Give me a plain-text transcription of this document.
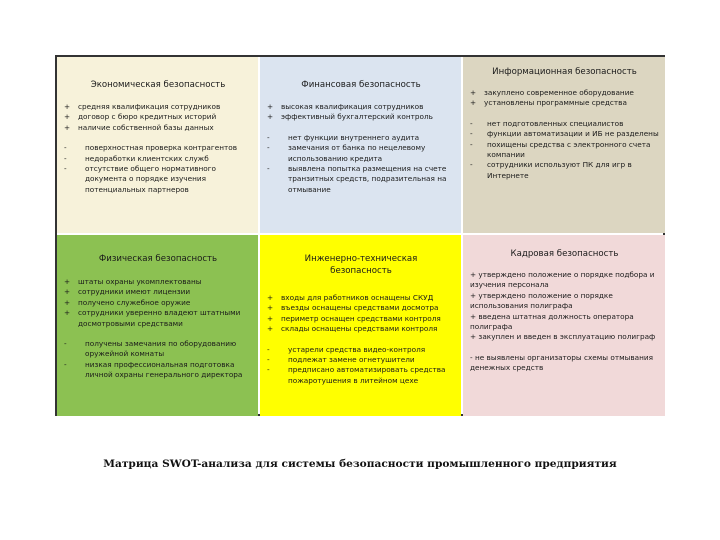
Экономическая безопасность
+ средняя квалификация сотрудников
+ договор с бюро кредитных историй
+ наличие собственной базы данных
-	поверхностная проверка контрагентов
-	недоработки клиентских служб
-	отсутствие общего нормативного документа о порядке изучения потенциальных партнеров
Финансовая безопасность
+ высокая квалификация сотрудников
+ эффективный бухгалтерский контроль
-	нет функции внутреннего аудита
-	замечания от банка по нецелевому использованию кредита
-	выявлена попытка размещения на счете транзитных средств, подразительная на отмывание
Информационная безопасность
+ закуплено современное оборудование
+ установлены программные средства
- нет подготовленных специалистов
- функции автоматизации и ИБ не разделены
- похищены средства с электронного счета компании
- сотрудники используют ПК для игр в Интернете
Физическая безопасность
+ штаты охраны укомплектованы
+ сотрудники имеют лицензии
+ получено служебное оружие
+ сотрудники уверенно владеют штатными досмотровыми средствами
-	получены замечания по оборудованию оружейной комнаты
-	низкая профессиональная подготовка личной охраны генерального директора
Инженерно-техническая безопасность
+ входы для работников оснащены СКУД
+ въезды оснащены средствами досмотра
+ периметр оснащен средствами контроля
+ склады оснащены средствами контроля
-	устарели средства видео-контроля
-	подлежат замене огнетушители
-	предписано автоматизировать средства пожаротушения в литейном цехе
Кадровая безопасность
+ утверждено положение о порядке подбора и изучения персонала
+ утверждено положение о порядке использования полиграфа
+ введена штатная должность оператора полиграфа
+ закуплен и введен в эксплуатацию полиграф
- не выявлены организаторы схемы отмывания денежных средств
Матрица SWOT-анализа для системы безопасности промышленного предприятия
